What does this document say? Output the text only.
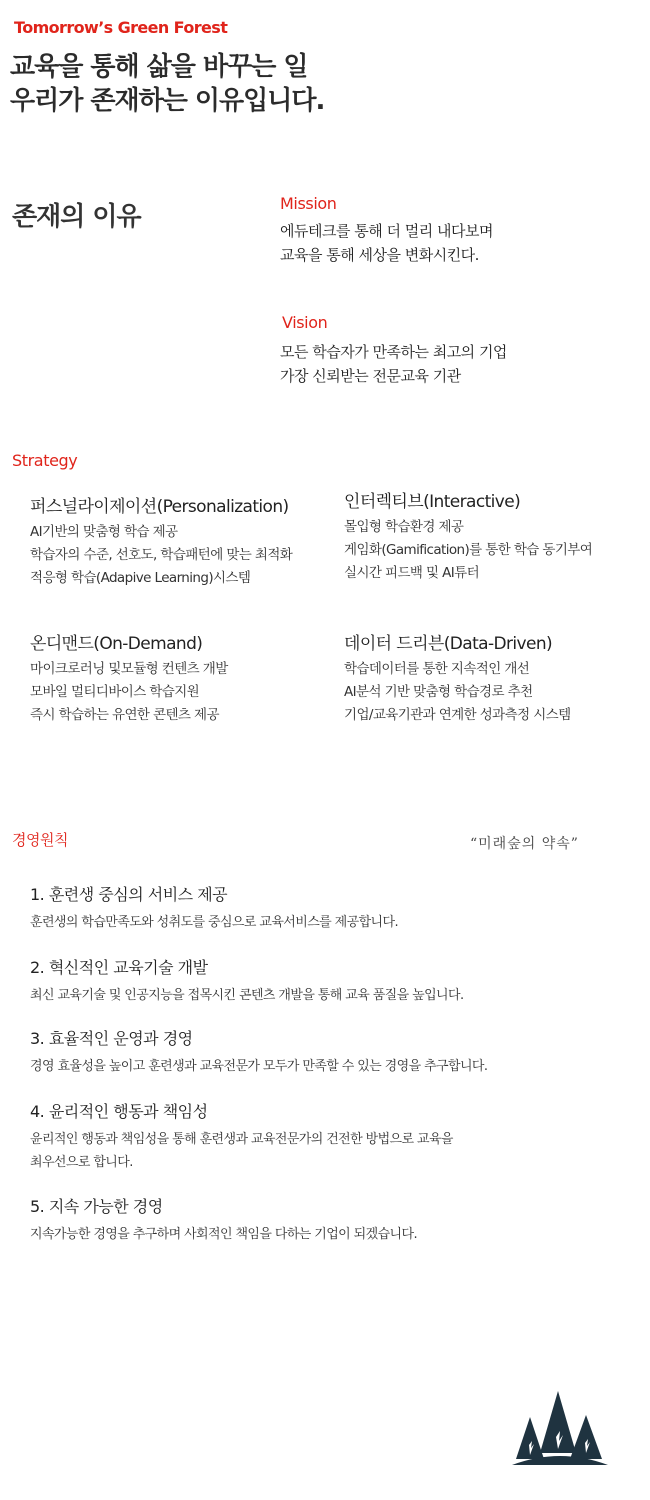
Tomorrow’s Green Forest
교육을 통해 삶을 바꾸는 일
우리가 존재하는 이유입니다.
존재의 이유	Mission
에듀테크를 통해 더 멀리 내다보며
교육을 통해 세상을 변화시킨다.
Vision
모든 학습자가 만족하는 최고의 기업
가장 신뢰받는 전문교육 기관
Strategy
퍼스널라이제이션(Personalization)
AI기반의 맞춤형 학습 제공
학습자의 수준, 선호도, 학습패턴에 맞는 최적화
적응형 학습(Adapive Learning)시스템
인터렉티브(Interactive)
몰입형 학습환경 제공
게임화(Gamification)를 통한 학습 동기부여
실시간 피드백 및 AI튜터
온디맨드(On-Demand)
마이크로러닝 및모듈형 컨텐츠 개발
모바일 멀티디바이스 학습지원
즉시 학습하는 유연한 콘텐츠 제공
데이터 드리븐(Data-Driven)
학습데이터를 통한 지속적인 개선
AI분석 기반 맞춤형 학습경로 추천
기업/교육기관과 연계한 성과측정 시스템
경영원칙	“미래숲의 약속”
1. 훈련생 중심의 서비스 제공
훈련생의 학습만족도와 성취도를 중심으로 교육서비스를 제공합니다.
2. 혁신적인 교육기술 개발
최신 교육기술 및 인공지능을 접목시킨 콘텐츠 개발을 통해 교육 품질을 높입니다.
3. 효율적인 운영과 경영
경영 효율성을 높이고 훈련생과 교육전문가 모두가 만족할 수 있는 경영을 추구합니다.
4. 윤리적인 행동과 책임성
윤리적인 행동과 책임성을 통해 훈련생과 교육전문가의 건전한 방법으로 교육을
최우선으로 합니다.
5. 지속 가능한 경영
지속가능한 경영을 추구하며 사회적인 책임을 다하는 기업이 되겠습니다.
